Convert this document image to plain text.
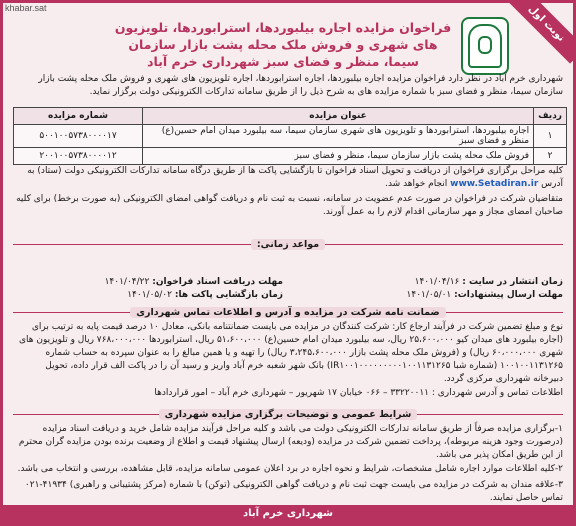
khabar.sat	نوبت اول
فراخوان مزایده اجاره بیلبوردها، استرابوردها، تلویزیون های شهری و فروش ملک محله پشت بازار سازمان سیما، منظر و فضای سبز شهرداری خرم آباد
شهرداری خرم آباد در نظر دارد فراخوان مزایده اجاره بیلبوردها، اجاره استرابوردها، اجاره تلویزیون های شهری و فروش ملک محله پشت بازار سازمان سیما، منظر و فضای سبز با شماره مزایده های به شرح ذیل را از طریق سامانه تدارکات الکترونیکی دولت برگزار نماید.
ردیف	عنوان مزایده	شماره مزایده
۱	اجاره بیلبوردها، استرابوردها و تلویزیون های شهری سازمان سیما، سه بیلبورد میدان امام حسین(ع) منظر و فضای سبز	۵۰۰۱۰۰۵۷۳۸۰۰۰۰۱۷
۲	فروش ملک محله پشت بازار سازمان سیما، منظر و فضای سبز	۲۰۰۱۰۰۵۷۳۸۰۰۰۰۱۲
کلیه مراحل برگزاری فراخوان از دریافت و تحویل اسناد فراخوان تا بازگشایی پاکت ها از طریق درگاه سامانه تدارکات الکترونیکی دولت (ستاد) به آدرس www.Setadiran.ir انجام خواهد شد.
متقاضیان شرکت در فراخوان در صورت عدم عضویت در سامانه، نسبت به ثبت نام و دریافت گواهی امضای الکترونیکی (به صورت برخط) برای کلیه صاحبان امضای مجاز و مهر سازمانی اقدام لازم را به عمل آورند.
مواعد زمانی:
زمان انتشار در سایت : ۱۴۰۱/۰۴/۱۶
مهلت دریافت اسناد فراخوان: ۱۴۰۱/۰۴/۲۲
مهلت ارسال پیشنهادات: ۱۴۰۱/۰۵/۰۱
زمان بازگشایی پاکت ها: ۱۴۰۱/۰۵/۰۲
ضمانت نامه شرکت در مزایده و آدرس و اطلاعات تماس شهرداری
نوع و مبلغ تضمین شرکت در فرآیند ارجاع کار: شرکت کنندگان در مزایده می بایست ضمانتنامه بانکی، معادل ۱۰ درصد قیمت پایه به ترتیب برای (اجاره بیلبورد های میدان کیو ۲۵،۶۰۰،۰۰۰ ریال، سه بیلبورد میدان امام حسین(ع) ۵۱،۶۰۰،۰۰۰ ریال، استرابوردها ۷۶۸،۰۰۰،۰۰۰ ریال و تلویزیون های شهری ۶۰،۰۰۰،۰۰۰ ریال) و (فروش ملک محله پشت بازار ۳،۲۴۵،۶۰۰،۰۰۰ ریال) را تهیه و یا همین مبالغ را به عنوان سپرده به حساب شماره ۱۰۰۱۰۰۱۱۳۱۲۶۵ (شماره شبا IR۱۰۰۱۰۰۰۰۰۰۰۰۰۱۰۰۱۱۳۱۲۶۵) بانک شهر شعبه خرم آباد واریز و رسید آن را در پاکت الف قرار داده، تحویل دبیرخانه شهرداری مرکزی گردد.
اطلاعات تماس و آدرس شهرداری : ۳۳۲۲۰۰۱۱ – ۰۶۶ خیابان ۱۷ شهریور – شهرداری خرم آباد – امور قراردادها
شرایط عمومی و توضیحات برگزاری مزایده شهرداری
۱-برگزاری مزایده صرفاً از طریق سامانه تدارکات الکترونیکی دولت می باشد و کلیه مراحل فرآیند مزایده شامل خرید و دریافت اسناد مزایده (درصورت وجود هزینه مربوطه)، پرداخت تضمین شرکت در مزایده (ودیعه) ارسال پیشنهاد قیمت و اطلاع از وضعیت برنده بودن مزایده گران محترم از این طریق امکان پذیر می باشد.
۲-کلیه اطلاعات موارد اجاره شامل مشخصات، شرایط و نحوه اجاره در برد اعلان عمومی سامانه مزایده، قابل مشاهده، بررسی و انتخاب می باشد.
۳-علاقه مندان به شرکت در مزایده می بایست جهت ثبت نام و دریافت گواهی الکترونیکی (توکن) با شماره (مرکز پشتیبانی و راهبری) ۴۱۹۳۴-۰۲۱ تماس حاصل نمایند.
شهرداری خرم آباد
